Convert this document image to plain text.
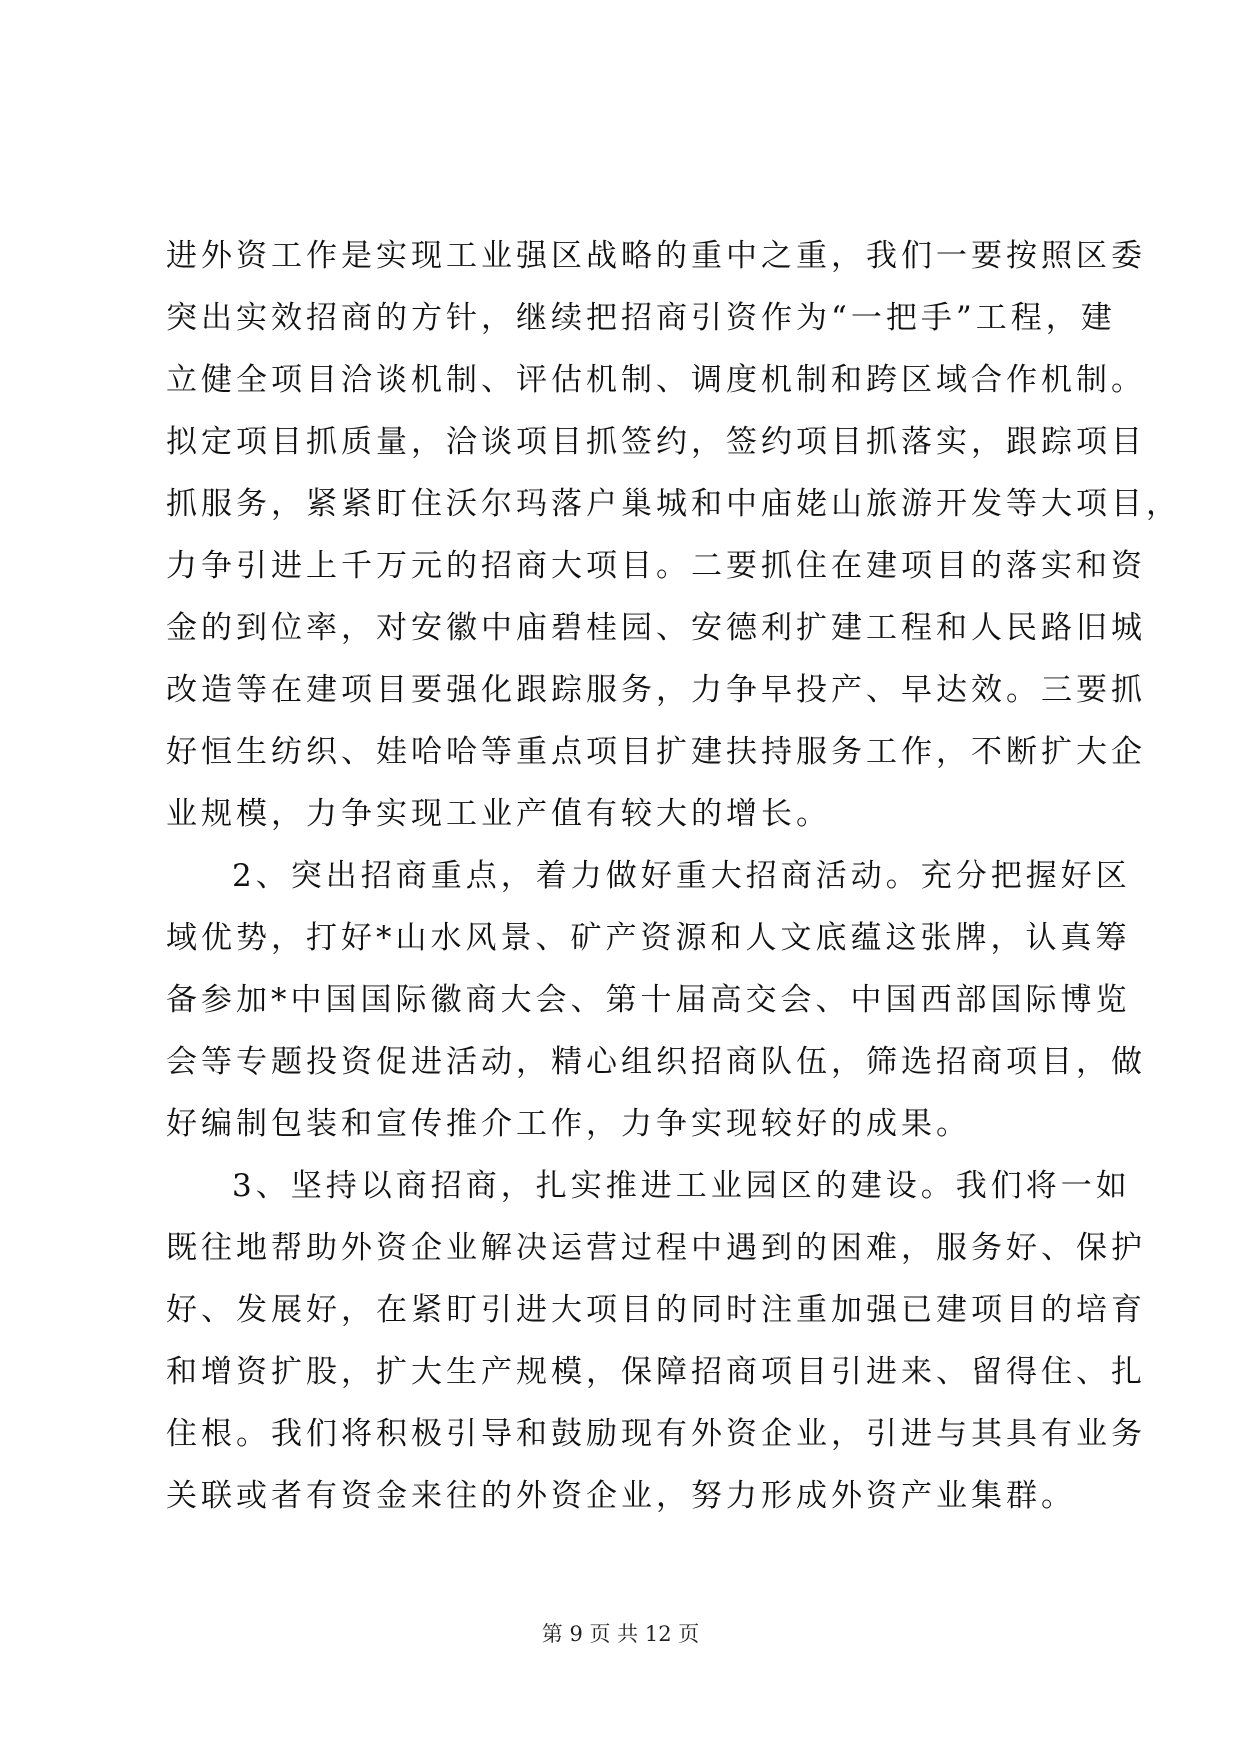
进外资工作是实现工业强区战略的重中之重，我们一要按照区委
突出实效招商的方针，继续把招商引资作为“一把手”工程，建
立健全项目洽谈机制、评估机制、调度机制和跨区域合作机制。
拟定项目抓质量，洽谈项目抓签约，签约项目抓落实，跟踪项目
抓服务，紧紧盯住沃尔玛落户巢城和中庙姥山旅游开发等大项目，
力争引进上千万元的招商大项目。二要抓住在建项目的落实和资
金的到位率，对安徽中庙碧桂园、安德利扩建工程和人民路旧城
改造等在建项目要强化跟踪服务，力争早投产、早达效。三要抓
好恒生纺织、娃哈哈等重点项目扩建扶持服务工作，不断扩大企
业规模，力争实现工业产值有较大的增长。
2、突出招商重点，着力做好重大招商活动。充分把握好区
域优势，打好*山水风景、矿产资源和人文底蕴这张牌，认真筹
备参加*中国国际徽商大会、第十届高交会、中国西部国际博览
会等专题投资促进活动，精心组织招商队伍，筛选招商项目，做
好编制包装和宣传推介工作，力争实现较好的成果。
3、坚持以商招商，扎实推进工业园区的建设。我们将一如
既往地帮助外资企业解决运营过程中遇到的困难，服务好、保护
好、发展好，在紧盯引进大项目的同时注重加强已建项目的培育
和增资扩股，扩大生产规模，保障招商项目引进来、留得住、扎
住根。我们将积极引导和鼓励现有外资企业，引进与其具有业务
关联或者有资金来往的外资企业，努力形成外资产业集群。
第 9 页 共 12 页
